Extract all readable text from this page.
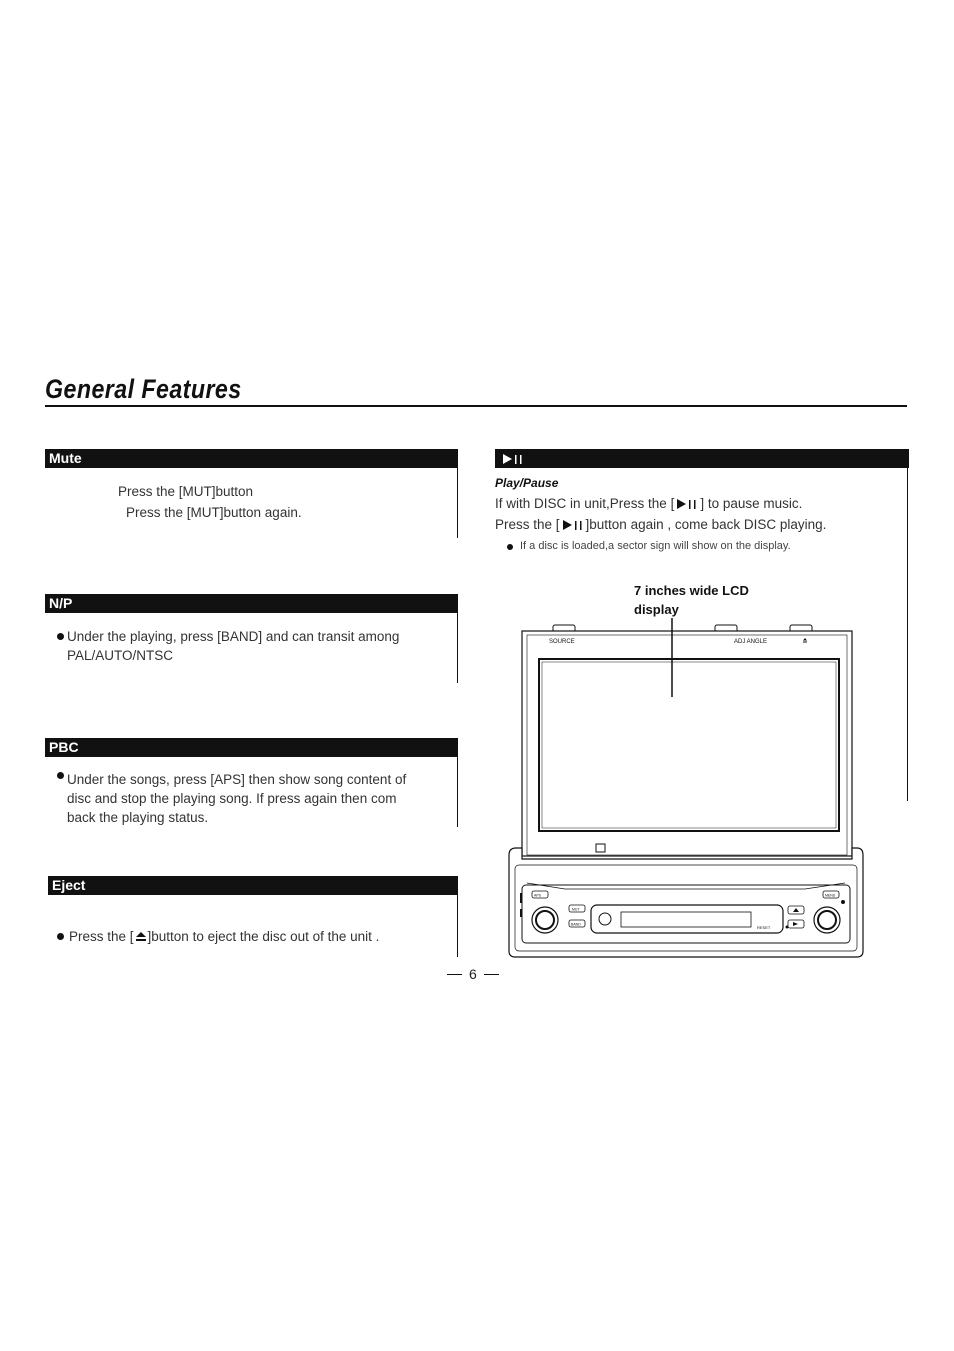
General Features
Mute
Press the [MUT]button
Press the [MUT]button again.
N/P
Under the playing, press [BAND] and can transit among
PAL/AUTO/NTSC
PBC
Under the songs, press [APS] then show song content of
disc and stop the playing song. If press again then com
back the playing status.
Eject
Press the [ ]button to eject the disc out of the unit .
Play/Pause
If with DISC in unit,Press the [ ] to pause music.
Press the [ ]button again , come back DISC playing.
If a disc is loaded,a sector sign will show on the display.
7 inches wide LCD
display
SOURCE	ADJ ANGLE
APS
MUT
BAND
MENU
RESET
6
